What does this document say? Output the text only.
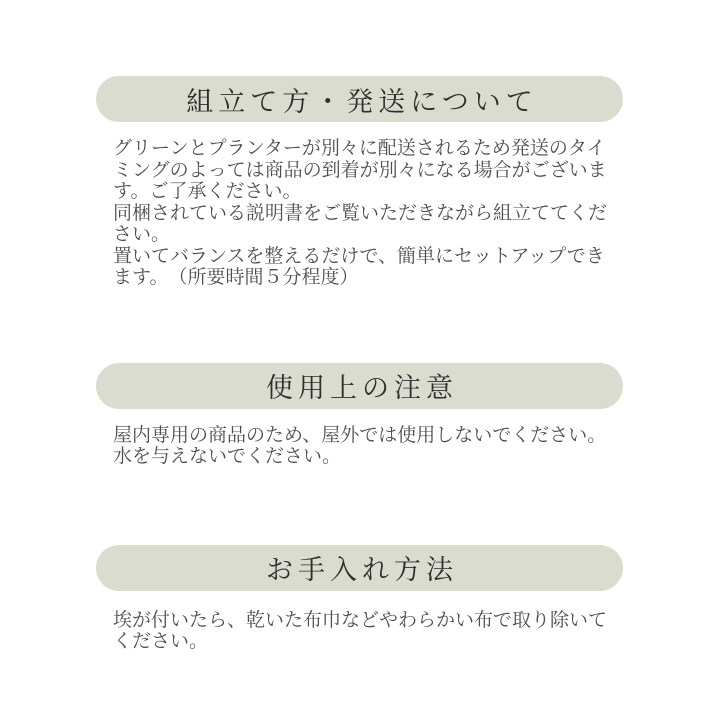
組立て方・発送について
グリーンとプランターが別々に配送されるため発送のタイ
ミングのよっては商品の到着が別々になる場合がございま
す。ご了承ください。
同梱されている説明書をご覧いただきながら組立ててくだ
さい。
置いてバランスを整えるだけで、簡単にセットアップでき
ます。　（所要時間５分程度）
使用上の注意
屋内専用の商品のため、屋外では使用しないでください。
水を与えないでください。
お手入れ方法
埃が付いたら、乾いた布巾などやわらかい布で取り除いて
ください。
